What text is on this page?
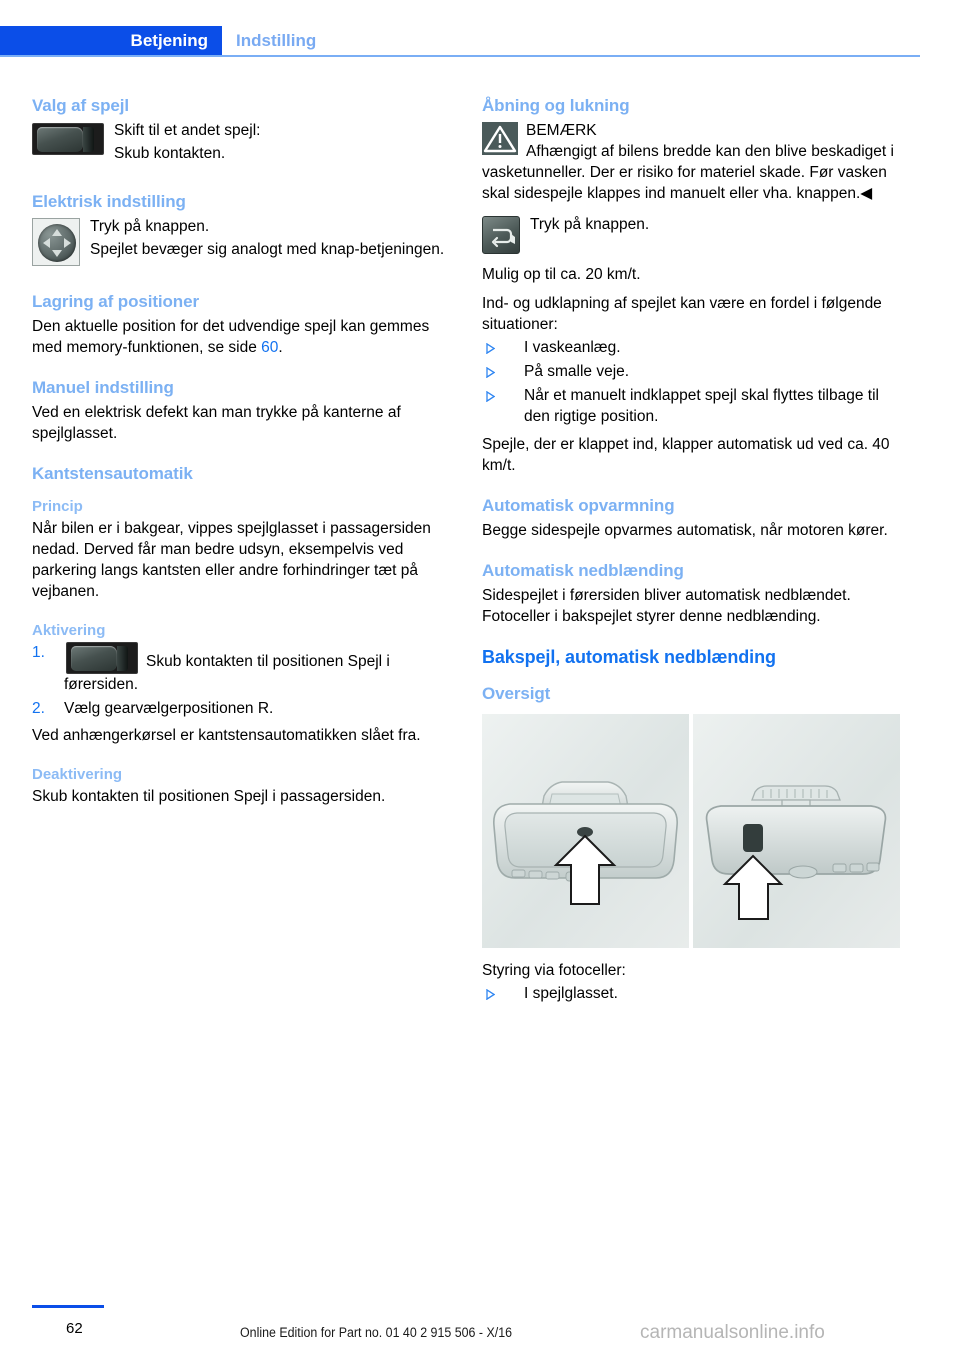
Betjening	Indstilling
Valg af spejl

Skift til et andet spejl:

Skub kontakten.

Elektrisk indstilling

Tryk på knappen.

Spejlet bevæger sig analogt med knap-betjeningen.

Lagring af positioner

Den aktuelle position for det udvendige spejl kan gemmes med memory-funktionen, se side 60.

Manuel indstilling

Ved en elektrisk defekt kan man trykke på kanterne af spejlglasset.

Kantstensautomatik
Princip

Når bilen er i bakgear, vippes spejlglasset i passagersiden nedad. Derved får man bedre udsyn, eksempelvis ved parkering langs kantsten eller andre forhindringer tæt på vejbanen.

Aktivering
1.
Skub kontakten til positionen Spejl i førersiden.
2. Vælg gearvælgerpositionen R.

Ved anhængerkørsel er kantstensautomatikken slået fra.

Deaktivering

Skub kontakten til positionen Spejl i passagersiden.

Åbning og lukning
BEMÆRK

Afhængigt af bilens bredde kan den blive beskadiget i vasketunneller. Der er risiko for materiel skade. Før vasken skal sidespejle klappes ind manuelt eller vha. knappen.◀

Tryk på knappen.

Mulig op til ca. 20 km/t.

Ind- og udklapning af spejlet kan være en fordel i følgende situationer:

I vaskeanlæg.
På smalle veje.
Når et manuelt indklappet spejl skal flyttes tilbage til den rigtige position.

Spejle, der er klappet ind, klapper automatisk ud ved ca. 40 km/t.

Automatisk opvarmning

Begge sidespejle opvarmes automatisk, når motoren kører.

Automatisk nedblænding

Sidespejlet i førersiden bliver automatisk nedblændet. Fotoceller i bakspejlet styrer denne nedblænding.

Bakspejl, automatisk nedblænding
Oversigt

Styring via fotoceller:

I spejlglasset.
62	Online Edition for Part no. 01 40 2 915 506 - X/16	carmanualsonline.info
